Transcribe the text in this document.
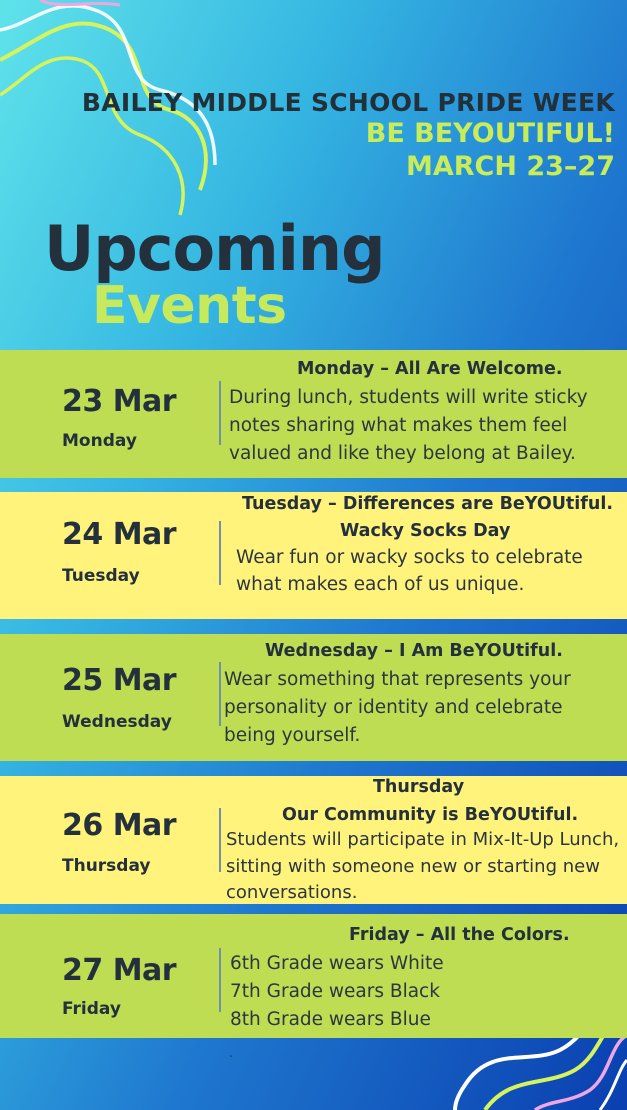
BAILEY MIDDLE SCHOOL PRIDE WEEK
BE BEYOUTIFUL!
MARCH 23–27
Upcoming
Events
23 Mar
Monday
Monday – All Are Welcome.
During lunch, students will write sticky
notes sharing what makes them feel
valued and like they belong at Bailey.
24 Mar
Tuesday
Tuesday – Differences are BeYOUtiful.
Wacky Socks Day
Wear fun or wacky socks to celebrate
what makes each of us unique.
25 Mar
Wednesday
Wednesday – I Am BeYOUtiful.
Wear something that represents your
personality or identity and celebrate
being yourself.
26 Mar
Thursday
Thursday
Our Community is BeYOUtiful.
Students will participate in Mix-It-Up Lunch,
sitting with someone new or starting new
conversations.
27 Mar
Friday
Friday – All the Colors.
6th Grade wears White
7th Grade wears Black
8th Grade wears Blue
.
